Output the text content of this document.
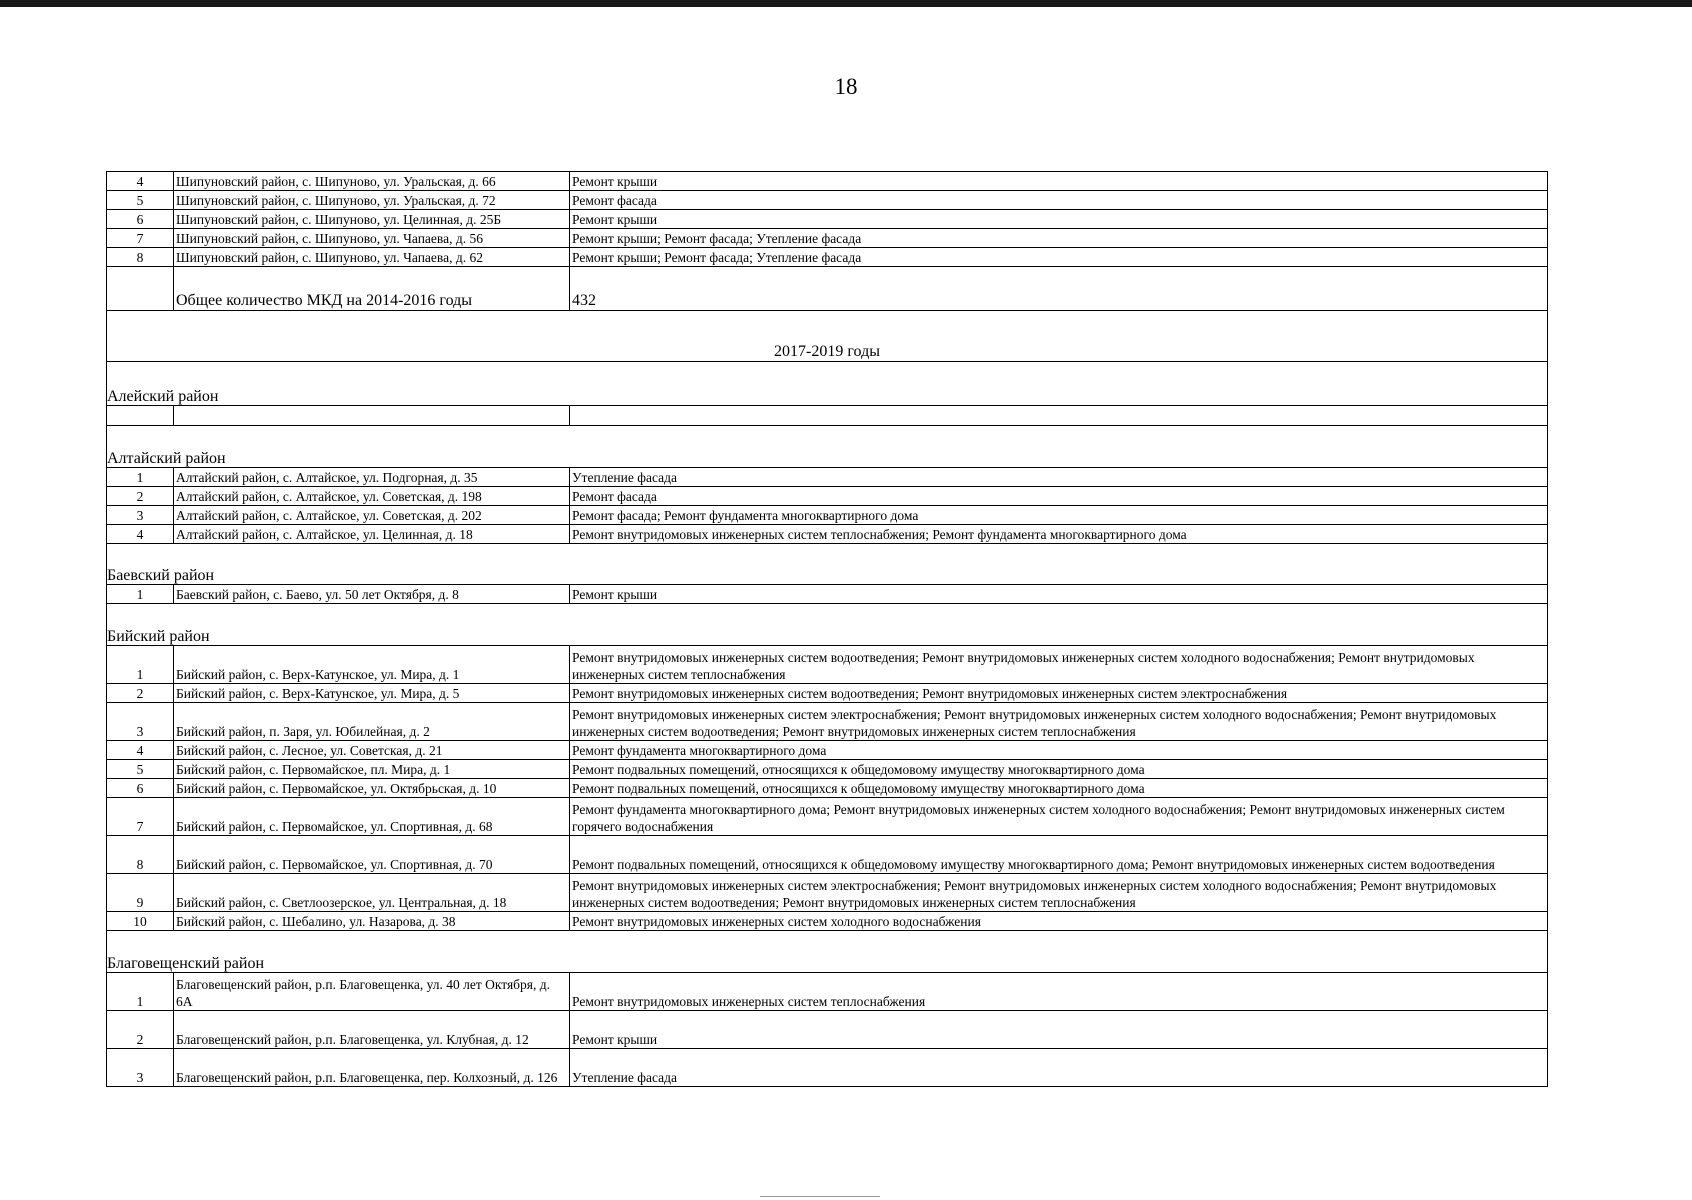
18
4	Шипуновский район, с. Шипуново, ул. Уральская, д. 66	Ремонт крыши
5	Шипуновский район, с. Шипуново, ул. Уральская, д. 72	Ремонт фасада
6	Шипуновский район, с. Шипуново, ул. Целинная, д. 25Б	Ремонт крыши
7	Шипуновский район, с. Шипуново, ул. Чапаева, д. 56	Ремонт крыши; Ремонт фасада; Утепление фасада
8	Шипуновский район, с. Шипуново, ул. Чапаева, д. 62	Ремонт крыши; Ремонт фасада; Утепление фасада
	Общее количество МКД на 2014-2016 годы	432
2017-2019 годы		
Алейский район		

Алтайский район		
1	Алтайский район, с. Алтайское, ул. Подгорная, д. 35	Утепление фасада
2	Алтайский район, с. Алтайское, ул. Советская, д. 198	Ремонт фасада
3	Алтайский район, с. Алтайское, ул. Советская, д. 202	Ремонт фасада; Ремонт фундамента многоквартирного дома
4	Алтайский район, с. Алтайское, ул. Целинная, д. 18	Ремонт внутридомовых инженерных систем теплоснабжения; Ремонт фундамента многоквартирного дома
Баевский район		
1	Баевский район, с. Баево, ул. 50 лет Октября, д. 8	Ремонт крыши
Бийский район		
1	Бийский район, с. Верх-Катунское, ул. Мира, д. 1	Ремонт внутридомовых инженерных систем водоотведения; Ремонт внутридомовых инженерных систем холодного водоснабжения; Ремонт внутридомовых инженерных систем теплоснабжения
2	Бийский район, с. Верх-Катунское, ул. Мира, д. 5	Ремонт внутридомовых инженерных систем водоотведения; Ремонт внутридомовых инженерных систем электроснабжения
3	Бийский район, п. Заря, ул. Юбилейная, д. 2	Ремонт внутридомовых инженерных систем электроснабжения; Ремонт внутридомовых инженерных систем холодного водоснабжения; Ремонт внутридомовых инженерных систем водоотведения; Ремонт внутридомовых инженерных систем теплоснабжения
4	Бийский район, с. Лесное, ул. Советская, д. 21	Ремонт фундамента многоквартирного дома
5	Бийский район, с. Первомайское, пл. Мира, д. 1	Ремонт подвальных помещений, относящихся к общедомовому имуществу многоквартирного дома
6	Бийский район, с. Первомайское, ул. Октябрьская, д. 10	Ремонт подвальных помещений, относящихся к общедомовому имуществу многоквартирного дома
7	Бийский район, с. Первомайское, ул. Спортивная, д. 68	Ремонт фундамента многоквартирного дома; Ремонт внутридомовых инженерных систем холодного водоснабжения; Ремонт внутридомовых инженерных систем горячего водоснабжения
8	Бийский район, с. Первомайское, ул. Спортивная, д. 70	Ремонт подвальных помещений, относящихся к общедомовому имуществу многоквартирного дома; Ремонт внутридомовых инженерных систем водоотведения
9	Бийский район, с. Светлоозерское, ул. Центральная, д. 18	Ремонт внутридомовых инженерных систем электроснабжения; Ремонт внутридомовых инженерных систем холодного водоснабжения; Ремонт внутридомовых инженерных систем водоотведения; Ремонт внутридомовых инженерных систем теплоснабжения
10	Бийский район, с. Шебалино, ул. Назарова, д. 38	Ремонт внутридомовых инженерных систем холодного водоснабжения
Благовещенский район		
1	Благовещенский район, р.п. Благовещенка, ул. 40 лет Октября, д. 6А	Ремонт внутридомовых инженерных систем теплоснабжения
2	Благовещенский район, р.п. Благовещенка, ул. Клубная, д. 12	Ремонт крыши
3	Благовещенский район, р.п. Благовещенка, пер. Колхозный, д. 126	Утепление фасада
